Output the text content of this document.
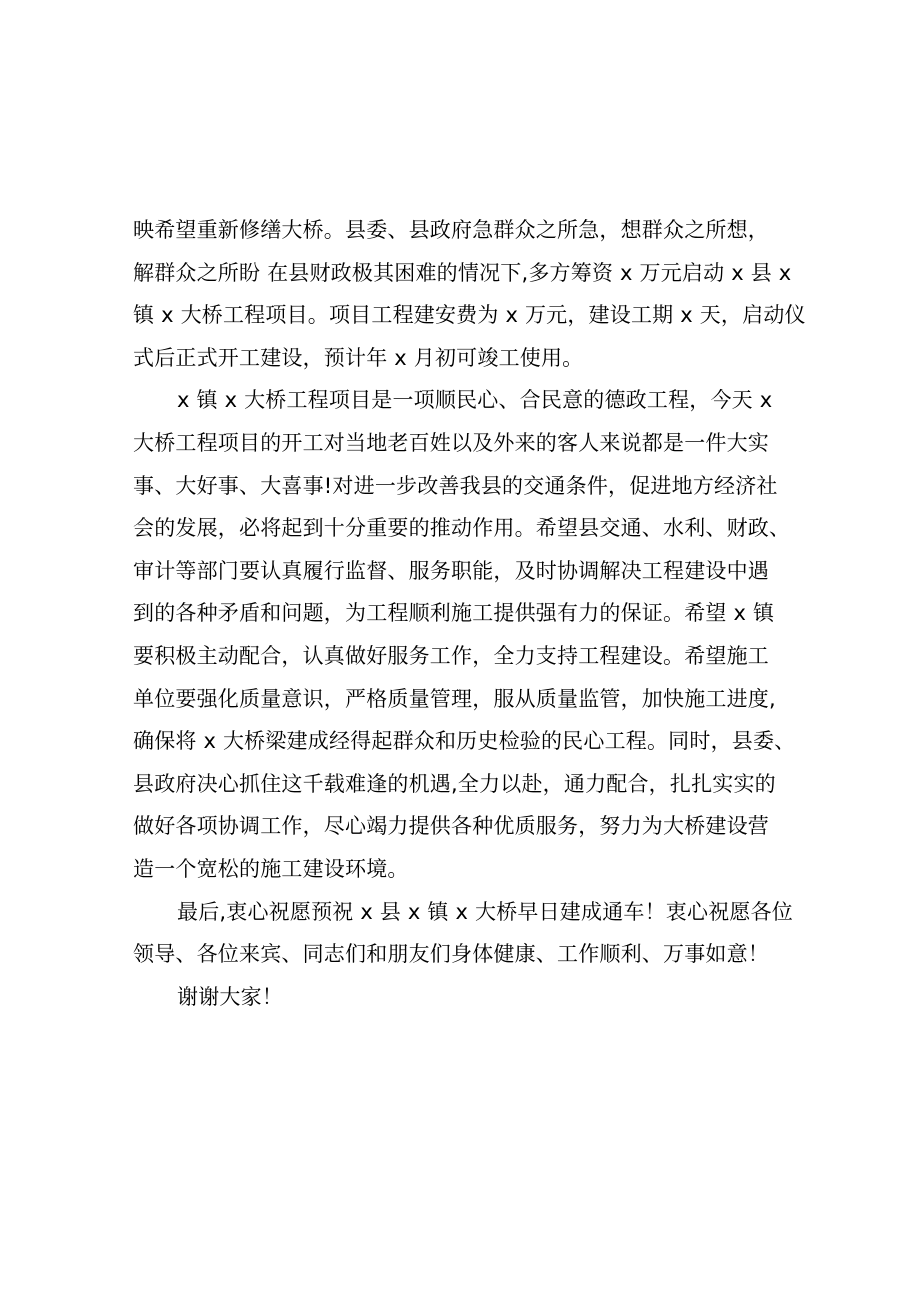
映希望重新修缮大桥。县委、县政府急群众之所急，想群众之所想，
解群众之所盼 在县财政极其困难的情况下,多方筹资 x 万元启动 x 县 x
镇 x 大桥工程项目。项目工程建安费为 x 万元，建设工期 x 天，启动仪
式后正式开工建设，预计年 x 月初可竣工使用。
x 镇 x 大桥工程项目是一项顺民心、合民意的德政工程，今天 x
大桥工程项目的开工对当地老百姓以及外来的客人来说都是一件大实
事、大好事、大喜事!对进一步改善我县的交通条件，促进地方经济社
会的发展，必将起到十分重要的推动作用。希望县交通、水利、财政、
审计等部门要认真履行监督、服务职能，及时协调解决工程建设中遇
到的各种矛盾和问题，为工程顺利施工提供强有力的保证。希望 x 镇
要积极主动配合，认真做好服务工作，全力支持工程建设。希望施工
单位要强化质量意识，严格质量管理，服从质量监管，加快施工进度,
确保将 x 大桥梁建成经得起群众和历史检验的民心工程。同时，县委、
县政府决心抓住这千载难逢的机遇,全力以赴，通力配合，扎扎实实的
做好各项协调工作，尽心竭力提供各种优质服务，努力为大桥建设营
造一个宽松的施工建设环境。
最后,衷心祝愿预祝 x 县 x 镇 x 大桥早日建成通车！衷心祝愿各位
领导、各位来宾、同志们和朋友们身体健康、工作顺利、万事如意！
谢谢大家！
